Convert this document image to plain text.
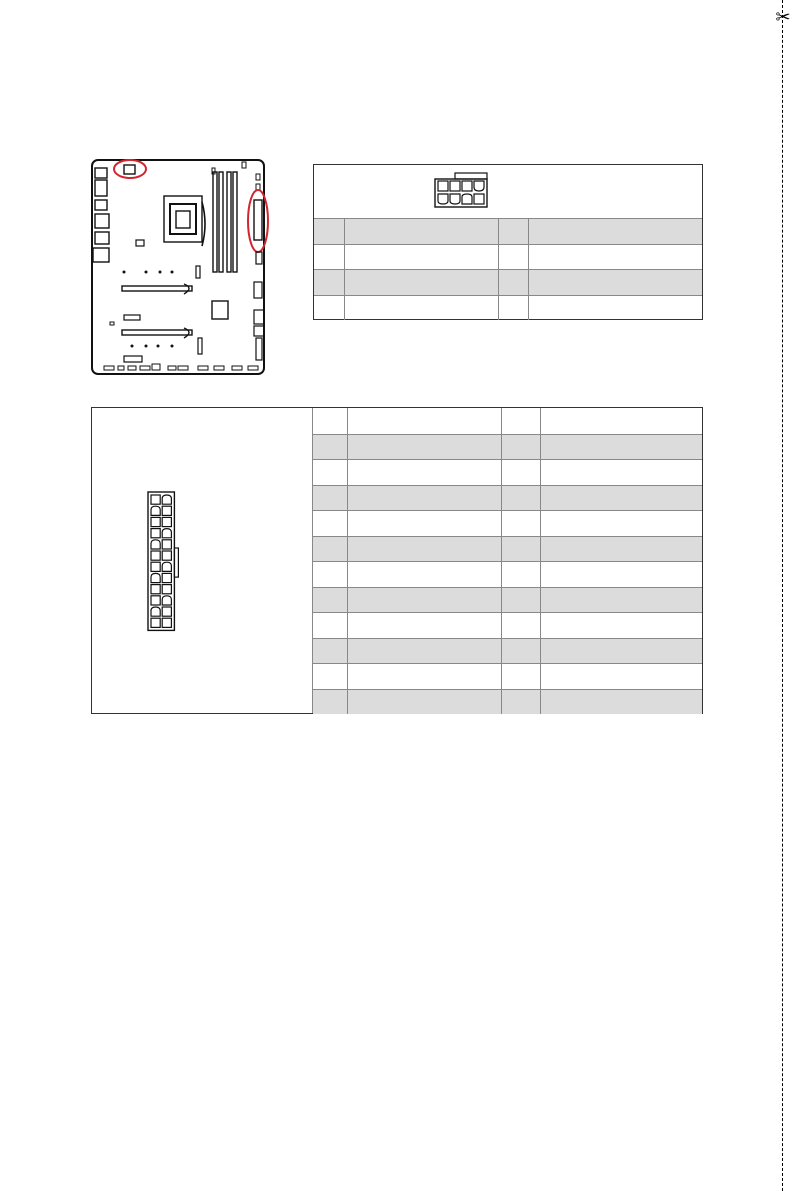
✂
